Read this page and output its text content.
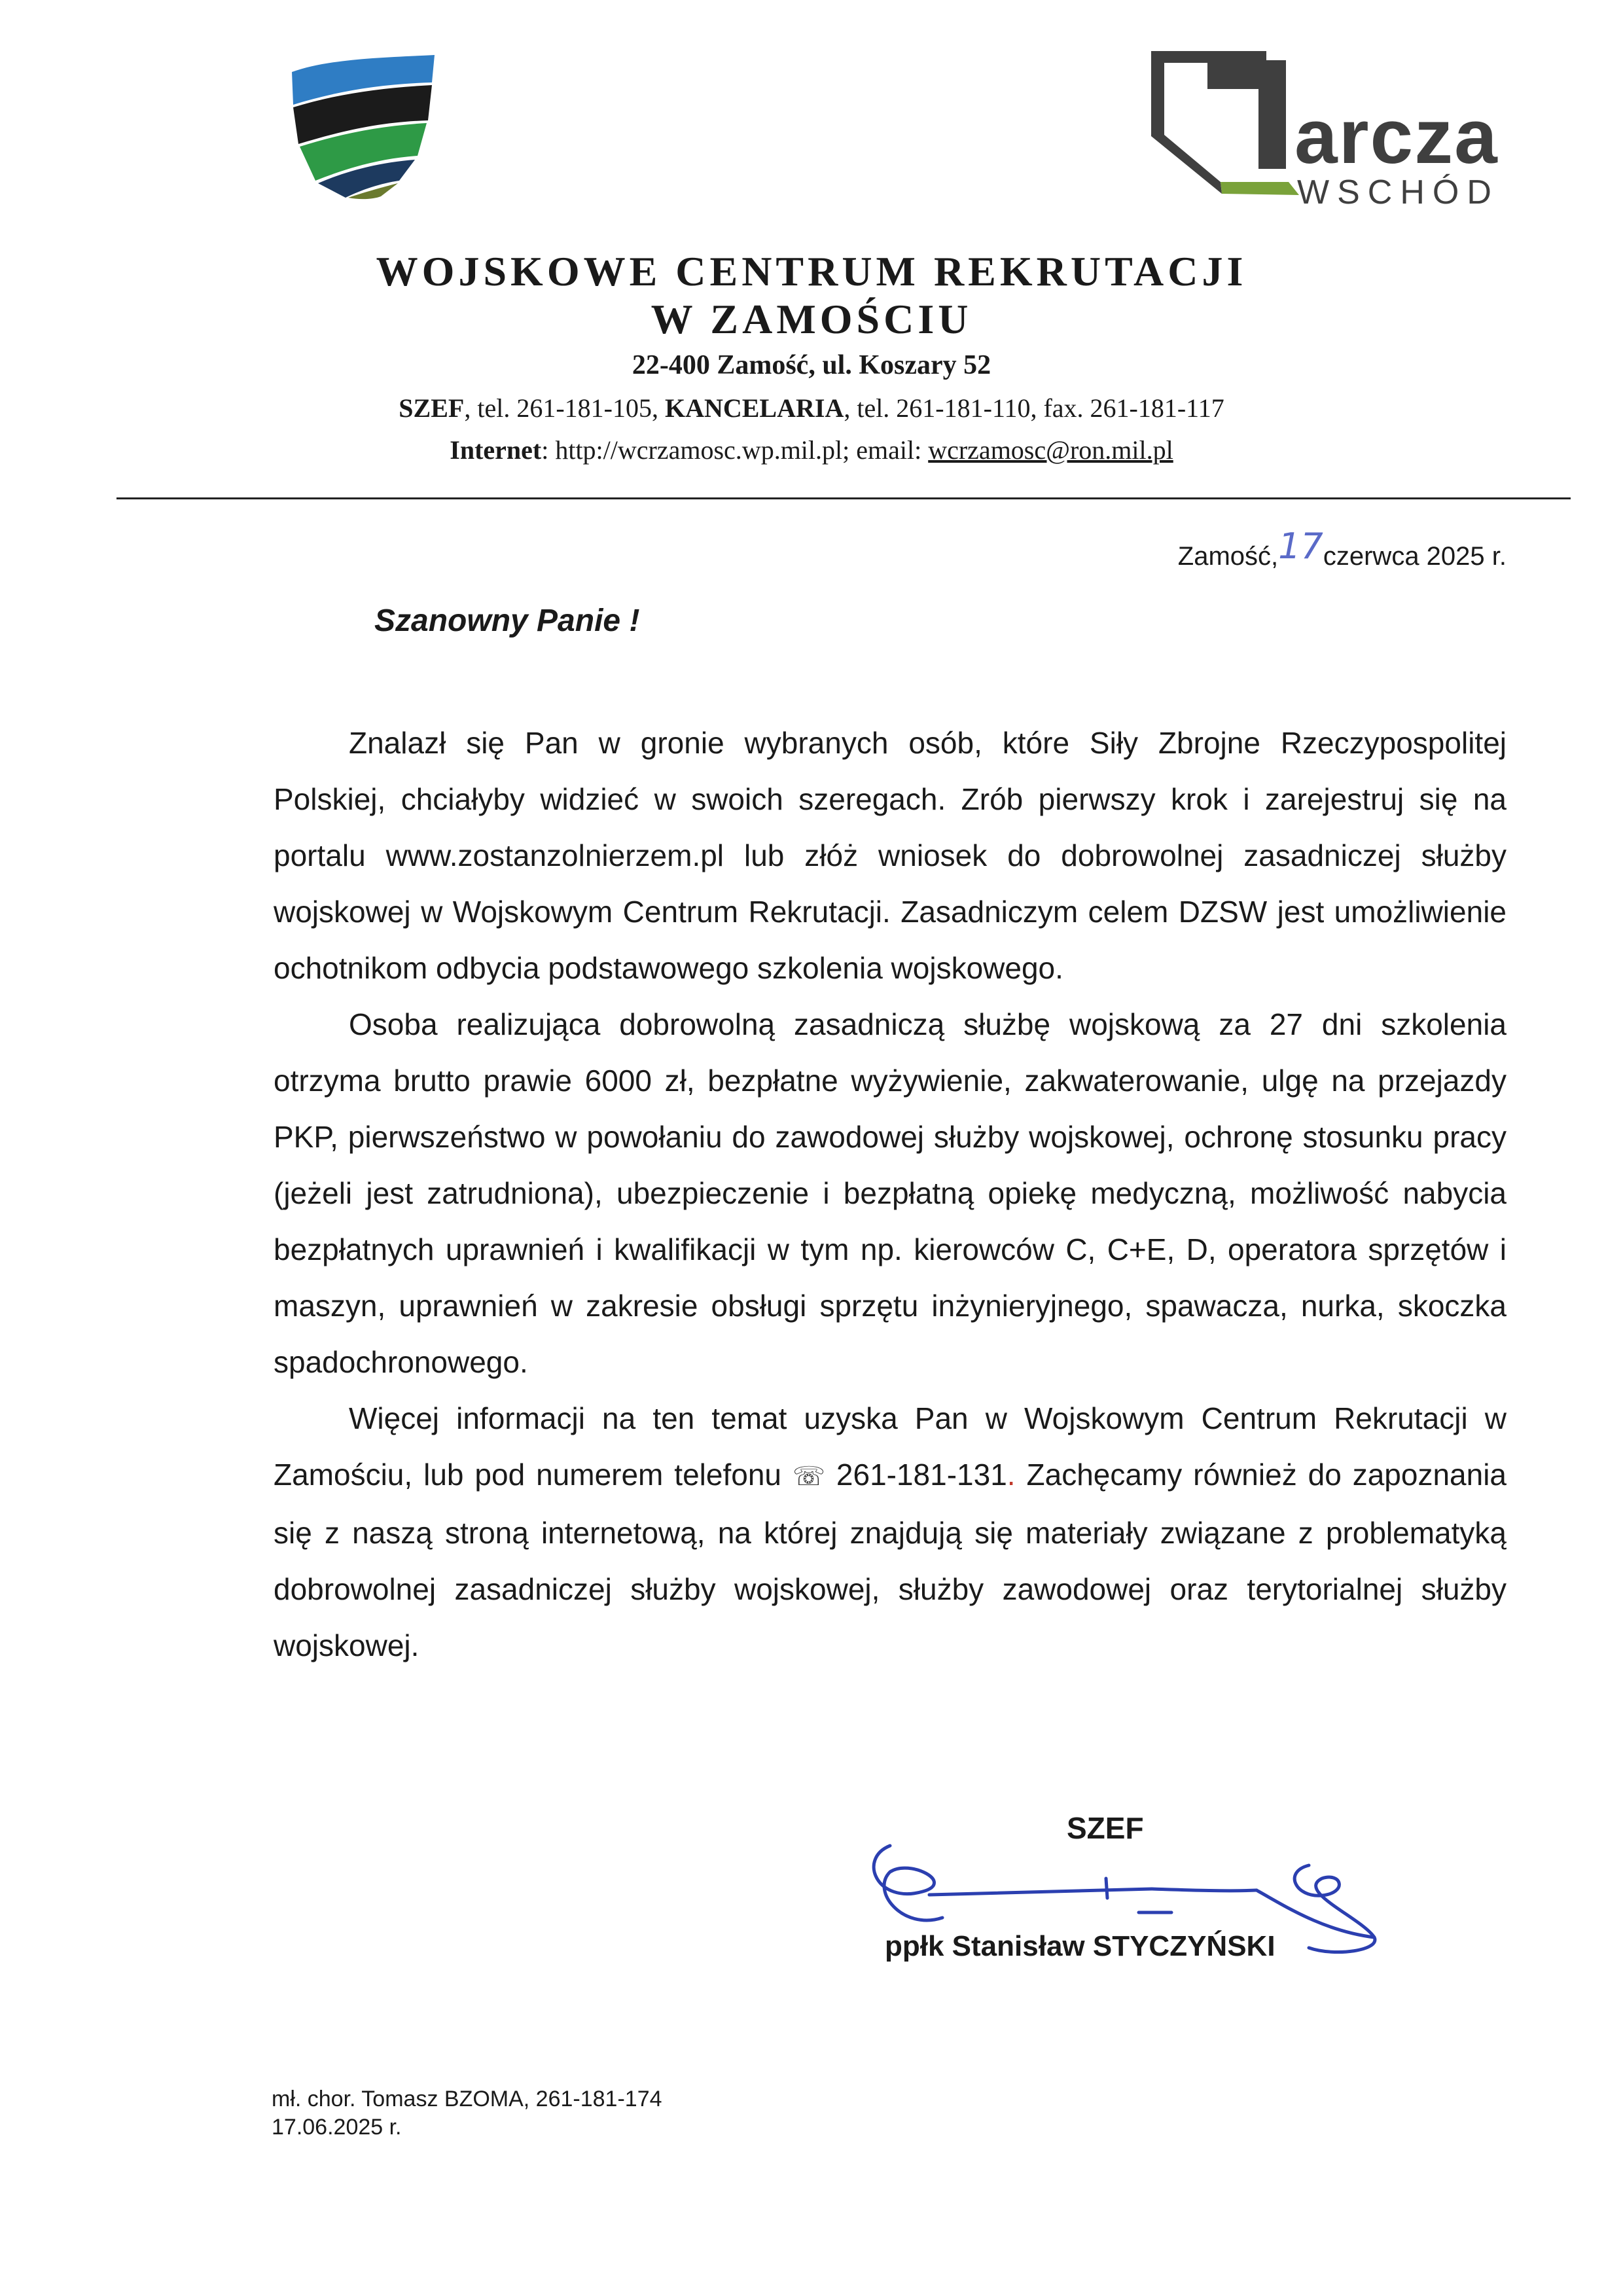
arcza
WSCHÓD
WOJSKOWE CENTRUM REKRUTACJI
W ZAMOŚCIU
22-400 Zamość, ul. Koszary 52
SZEF, tel. 261-181-105, KANCELARIA, tel. 261-181-110, fax. 261-181-117
Internet: http://wcrzamosc.wp.mil.pl; email: wcrzamosc@ron.mil.pl
Zamość,17czerwca 2025 r.
Szanowny Panie !

Znalazł się Pan w gronie wybranych osób, które Siły Zbrojne Rzeczypospolitej Polskiej, chciałyby widzieć w swoich szeregach. Zrób pierwszy krok i zarejestruj się na portalu www.zostanzolnierzem.pl lub złóż wniosek do dobrowolnej zasadniczej służby wojskowej w Wojskowym Centrum Rekrutacji. Zasadniczym celem DZSW jest umożliwienie ochotnikom odbycia podstawowego szkolenia wojskowego.

Osoba realizująca dobrowolną zasadniczą służbę wojskową za 27 dni szkolenia otrzyma brutto prawie 6000 zł, bezpłatne wyżywienie, zakwaterowanie, ulgę na przejazdy PKP, pierwszeństwo w powołaniu do zawodowej służby wojskowej, ochronę stosunku pracy (jeżeli jest zatrudniona), ubezpieczenie i bezpłatną opiekę medyczną, możliwość nabycia bezpłatnych uprawnień i kwalifikacji w tym np. kierowców C, C+E, D, operatora sprzętów i maszyn, uprawnień w zakresie obsługi sprzętu inżynieryjnego, spawacza, nurka, skoczka spadochronowego.

Więcej informacji na ten temat uzyska Pan w Wojskowym Centrum Rekrutacji w Zamościu, lub pod numerem telefonu ☏ 261-181-131. Zachęcamy również do zapoznania się z naszą stroną internetową, na której znajdują się materiały związane z problematyką dobrowolnej zasadniczej służby wojskowej, służby zawodowej oraz terytorialnej służby wojskowej.

SZEF
ppłk Stanisław STYCZYŃSKI
mł. chor. Tomasz BZOMA, 261-181-174
17.06.2025 r.
